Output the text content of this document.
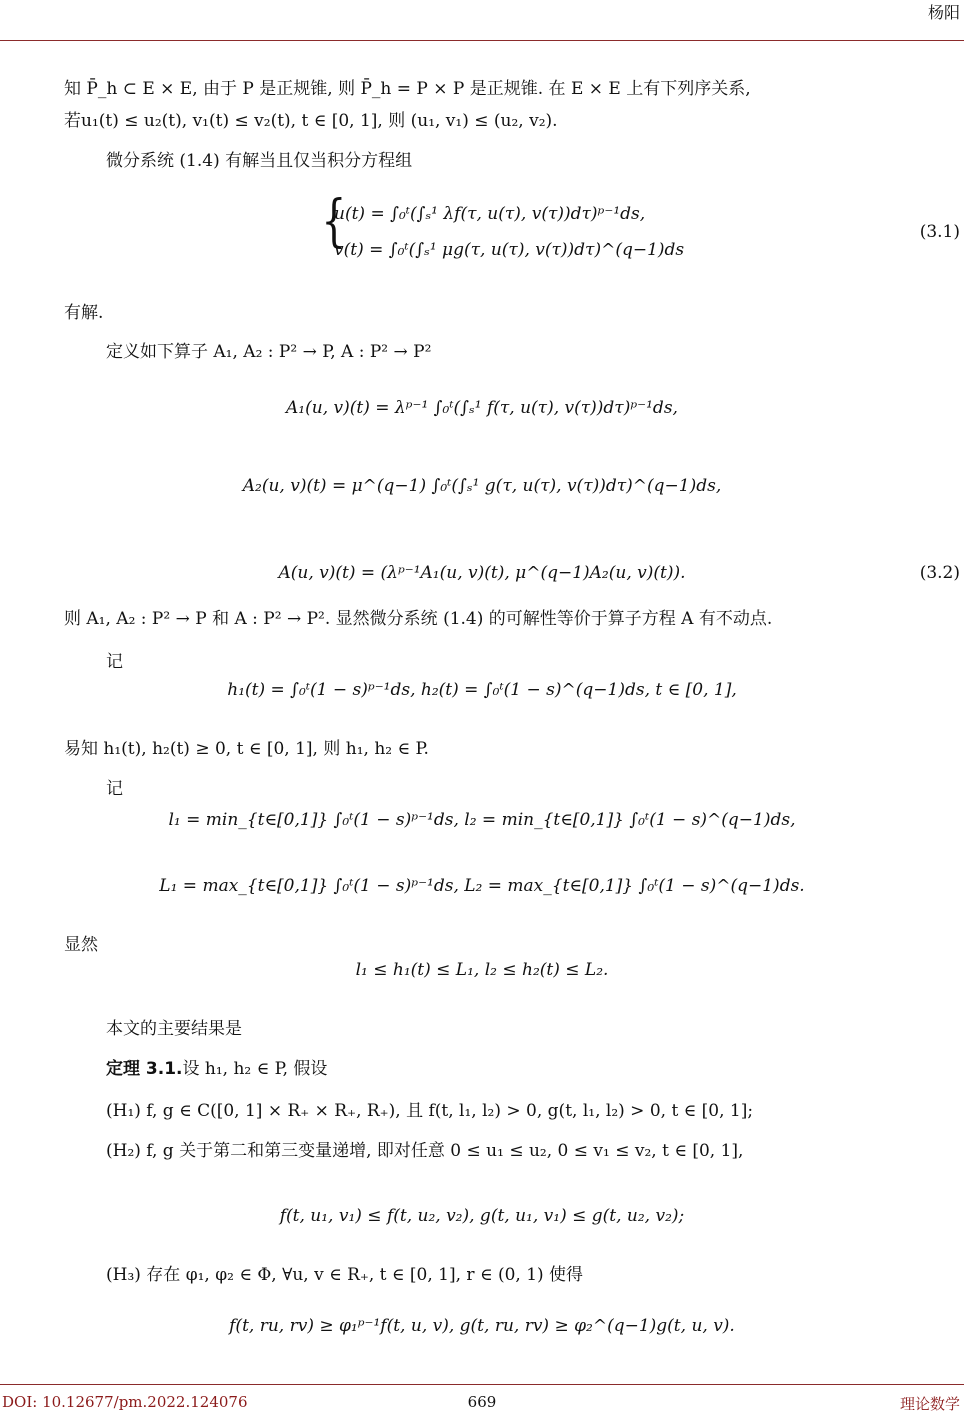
杨阳
知 P̄_h ⊂ E × E, 由于 P 是正规锥, 则 P̄_h = P × P 是正规锥. 在 E × E 上有下列序关系,
若u₁(t) ≤ u₂(t), v₁(t) ≤ v₂(t), t ∈ [0, 1], 则 (u₁, v₁) ≤ (u₂, v₂).
微分系统 (1.4) 有解当且仅当积分方程组
{
u(t) = ∫₀ᵗ(∫ₛ¹ λf(τ, u(τ), v(τ))dτ)ᵖ⁻¹ds,
v(t) = ∫₀ᵗ(∫ₛ¹ μg(τ, u(τ), v(τ))dτ)^(q−1)ds
(3.1)
有解.
定义如下算子 A₁, A₂ : P² → P, A : P² → P²
A₁(u, v)(t) = λᵖ⁻¹ ∫₀ᵗ(∫ₛ¹ f(τ, u(τ), v(τ))dτ)ᵖ⁻¹ds,
A₂(u, v)(t) = μ^(q−1) ∫₀ᵗ(∫ₛ¹ g(τ, u(τ), v(τ))dτ)^(q−1)ds,
A(u, v)(t) = (λᵖ⁻¹A₁(u, v)(t), μ^(q−1)A₂(u, v)(t)).	(3.2)
则 A₁, A₂ : P² → P 和 A : P² → P². 显然微分系统 (1.4) 的可解性等价于算子方程 A 有不动点.
记
h₁(t) = ∫₀ᵗ(1 − s)ᵖ⁻¹ds, h₂(t) = ∫₀ᵗ(1 − s)^(q−1)ds, t ∈ [0, 1],
易知 h₁(t), h₂(t) ≥ 0, t ∈ [0, 1], 则 h₁, h₂ ∈ P.
记
l₁ = min_{t∈[0,1]} ∫₀ᵗ(1 − s)ᵖ⁻¹ds, l₂ = min_{t∈[0,1]} ∫₀ᵗ(1 − s)^(q−1)ds,
L₁ = max_{t∈[0,1]} ∫₀ᵗ(1 − s)ᵖ⁻¹ds, L₂ = max_{t∈[0,1]} ∫₀ᵗ(1 − s)^(q−1)ds.
显然
l₁ ≤ h₁(t) ≤ L₁, l₂ ≤ h₂(t) ≤ L₂.
本文的主要结果是
定理 3.1.设 h₁, h₂ ∈ P, 假设
(H₁) f, g ∈ C([0, 1] × R₊ × R₊, R₊), 且 f(t, l₁, l₂) > 0, g(t, l₁, l₂) > 0, t ∈ [0, 1];
(H₂) f, g 关于第二和第三变量递增, 即对任意 0 ≤ u₁ ≤ u₂, 0 ≤ v₁ ≤ v₂, t ∈ [0, 1],
f(t, u₁, v₁) ≤ f(t, u₂, v₂), g(t, u₁, v₁) ≤ g(t, u₂, v₂);
(H₃) 存在 φ₁, φ₂ ∈ Φ, ∀u, v ∈ R₊, t ∈ [0, 1], r ∈ (0, 1) 使得
f(t, ru, rv) ≥ φ₁ᵖ⁻¹f(t, u, v), g(t, ru, rv) ≥ φ₂^(q−1)g(t, u, v).
DOI: 10.12677/pm.2022.124076	669	理论数学
